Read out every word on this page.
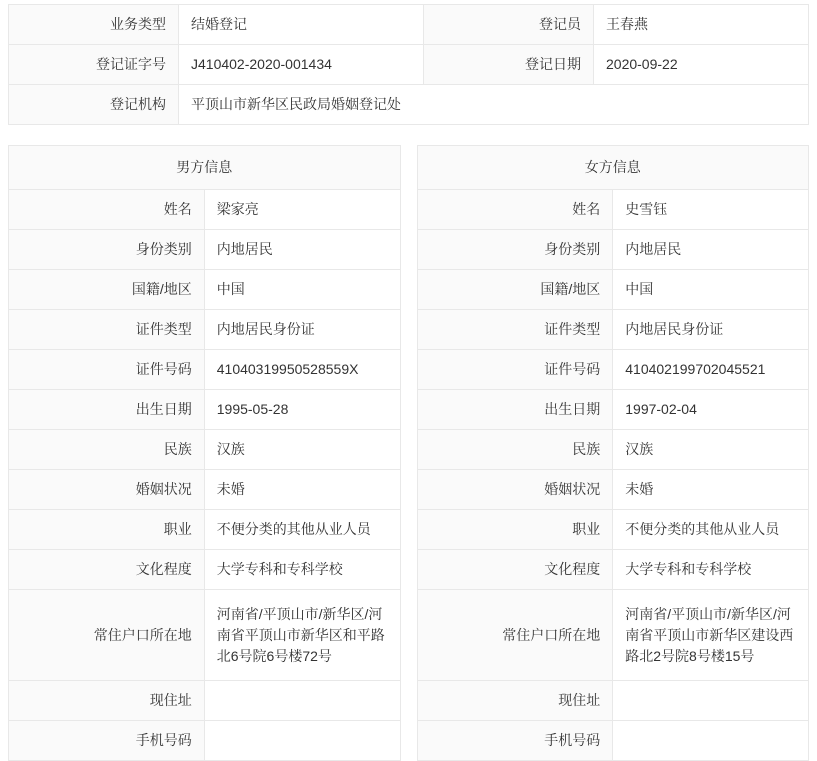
业务类型	结婚登记	登记员	王春燕
登记证字号	J410402-2020-001434	登记日期	2020-09-22
登记机构	平顶山市新华区民政局婚姻登记处		
男方信息	
姓名	梁家亮
身份类别	内地居民
国籍/地区	中国
证件类型	内地居民身份证
证件号码	41040319950528559X
出生日期	1995-05-28
民族	汉族
婚姻状况	未婚
职业	不便分类的其他从业人员
文化程度	大学专科和专科学校
常住户口所在地	河南省/平顶山市/新华区/河南省平顶山市新华区和平路北6号院6号楼72号
现住址	
手机号码	
女方信息	
姓名	史雪钰
身份类别	内地居民
国籍/地区	中国
证件类型	内地居民身份证
证件号码	410402199702045521
出生日期	1997-02-04
民族	汉族
婚姻状况	未婚
职业	不便分类的其他从业人员
文化程度	大学专科和专科学校
常住户口所在地	河南省/平顶山市/新华区/河南省平顶山市新华区建设西路北2号院8号楼15号
现住址	
手机号码	
